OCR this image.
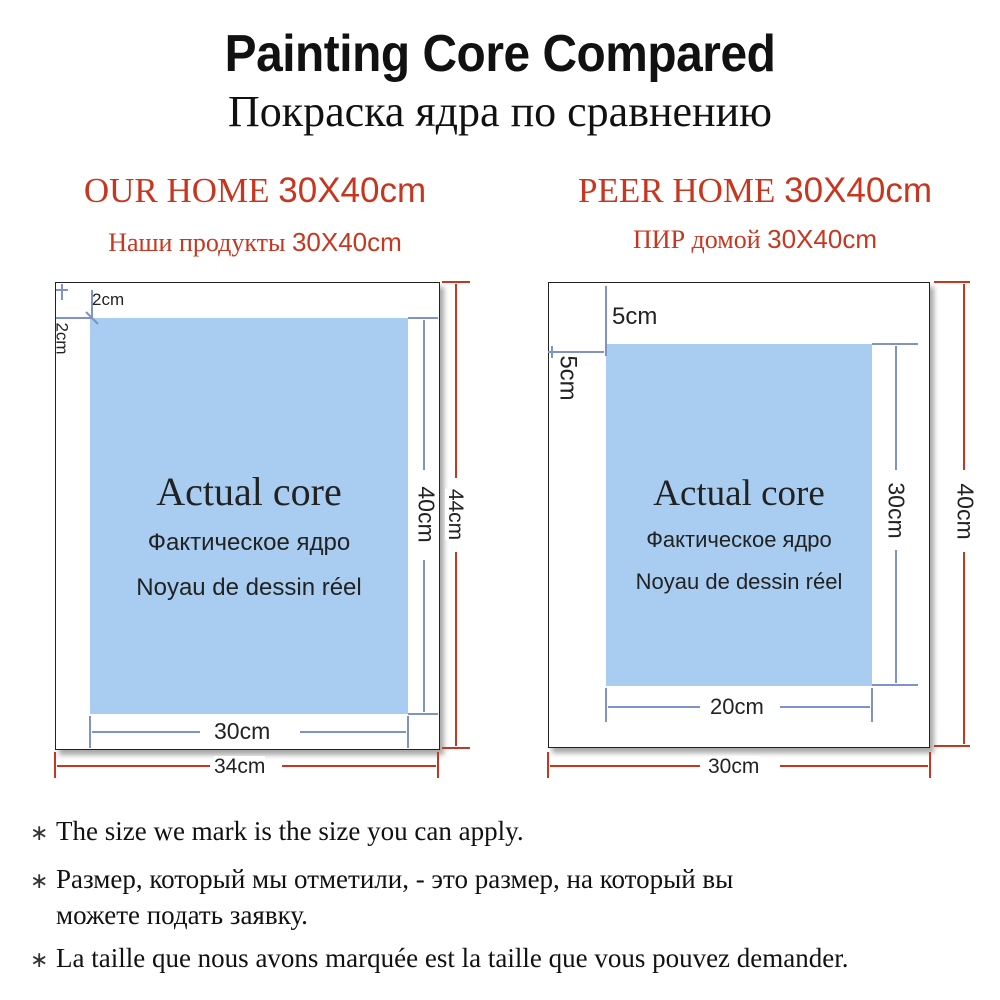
Painting Core Compared
Покраска ядра по сравнению
OUR HOME 30X40cm
Наши продукты 30X40cm
PEER HOME 30X40cm
ПИР домой 30X40cm
Actual core
Фактическое ядро
Noyau de dessin réel
Actual core
Фактическое ядро
Noyau de dessin réel
2cm
2cm
30cm
40cm
34cm
44cm
5cm
5cm
20cm
30cm
30cm
40cm
∗ The size we mark is the size you can apply.
∗ Размер, который мы отметили, - это размер, на который вы
можете подать заявку.
∗ La taille que nous avons marquée est la taille que vous pouvez demander.
